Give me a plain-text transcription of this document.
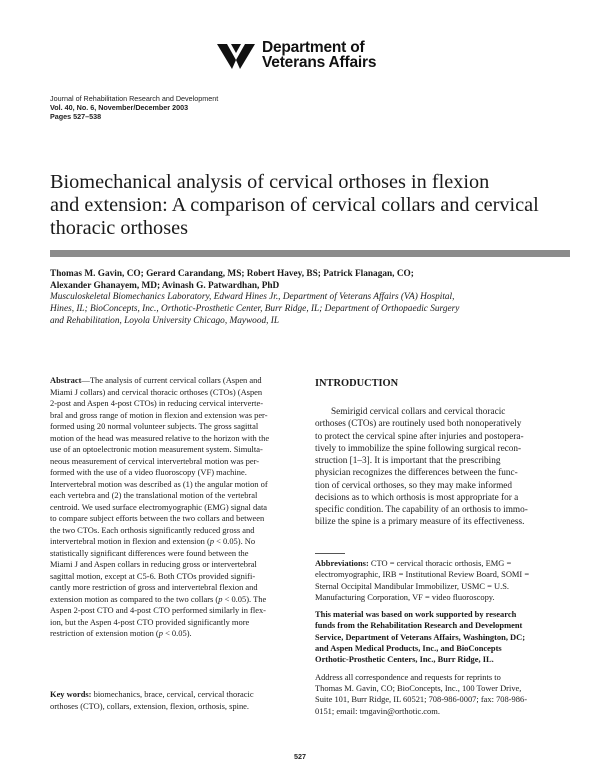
Department of
Veterans Affairs
Journal of Rehabilitation Research and Development
Vol. 40, No. 6, November/December 2003
Pages 527–538
Biomechanical analysis of cervical orthoses in flexion
and extension: A comparison of cervical collars and cervical
thoracic orthoses
Thomas M. Gavin, CO; Gerard Carandang, MS; Robert Havey, BS; Patrick Flanagan, CO;
Alexander Ghanayem, MD; Avinash G. Patwardhan, PhD
Musculoskeletal Biomechanics Laboratory, Edward Hines Jr., Department of Veterans Affairs (VA) Hospital,
Hines, IL; BioConcepts, Inc., Orthotic-Prosthetic Center, Burr Ridge, IL; Department of Orthopaedic Surgery
and Rehabilitation, Loyola University Chicago, Maywood, IL
Abstract—The analysis of current cervical collars (Aspen and
Miami J collars) and cervical thoracic orthoses (CTOs) (Aspen
2-post and Aspen 4-post CTOs) in reducing cervical interverte-
bral and gross range of motion in flexion and extension was per-
formed using 20 normal volunteer subjects. The gross sagittal
motion of the head was measured relative to the horizon with the
use of an optoelectronic motion measurement system. Simulta-
neous measurement of cervical intervertebral motion was per-
formed with the use of a video fluoroscopy (VF) machine.
Intervertebral motion was described as (1) the angular motion of
each vertebra and (2) the translational motion of the vertebral
centroid. We used surface electromyographic (EMG) signal data
to compare subject efforts between the two collars and between
the two CTOs. Each orthosis significantly reduced gross and
intervertebral motion in flexion and extension (p < 0.05). No
statistically significant differences were found between the
Miami J and Aspen collars in reducing gross or intervertebral
sagittal motion, except at C5-6. Both CTOs provided signifi-
cantly more restriction of gross and intervertebral flexion and
extension motion as compared to the two collars (p < 0.05). The
Aspen 2-post CTO and 4-post CTO performed similarly in flex-
ion, but the Aspen 4-post CTO provided significantly more
restriction of extension motion (p < 0.05).
Key words: biomechanics, brace, cervical, cervical thoracic
orthoses (CTO), collars, extension, flexion, orthosis, spine.
INTRODUCTION
Semirigid cervical collars and cervical thoracic
orthoses (CTOs) are routinely used both nonoperatively
to protect the cervical spine after injuries and postopera-
tively to immobilize the spine following surgical recon-
struction [1–3]. It is important that the prescribing
physician recognizes the differences between the func-
tion of cervical orthoses, so they may make informed
decisions as to which orthosis is most appropriate for a
specific condition. The capability of an orthosis to immo-
bilize the spine is a primary measure of its effectiveness.
Abbreviations: CTO = cervical thoracic orthosis, EMG =
electromyographic, IRB = Institutional Review Board, SOMI =
Sternal Occipital Mandibular Immobilizer, USMC = U.S.
Manufacturing Corporation, VF = video fluoroscopy.
This material was based on work supported by research
funds from the Rehabilitation Research and Development
Service, Department of Veterans Affairs, Washington, DC;
and Aspen Medical Products, Inc., and BioConcepts
Orthotic-Prosthetic Centers, Inc., Burr Ridge, IL.
Address all correspondence and requests for reprints to
Thomas M. Gavin, CO; BioConcepts, Inc., 100 Tower Drive,
Suite 101, Burr Ridge, IL 60521; 708-986-0007; fax: 708-986-
0151; email: tmgavin@orthotic.com.
527
